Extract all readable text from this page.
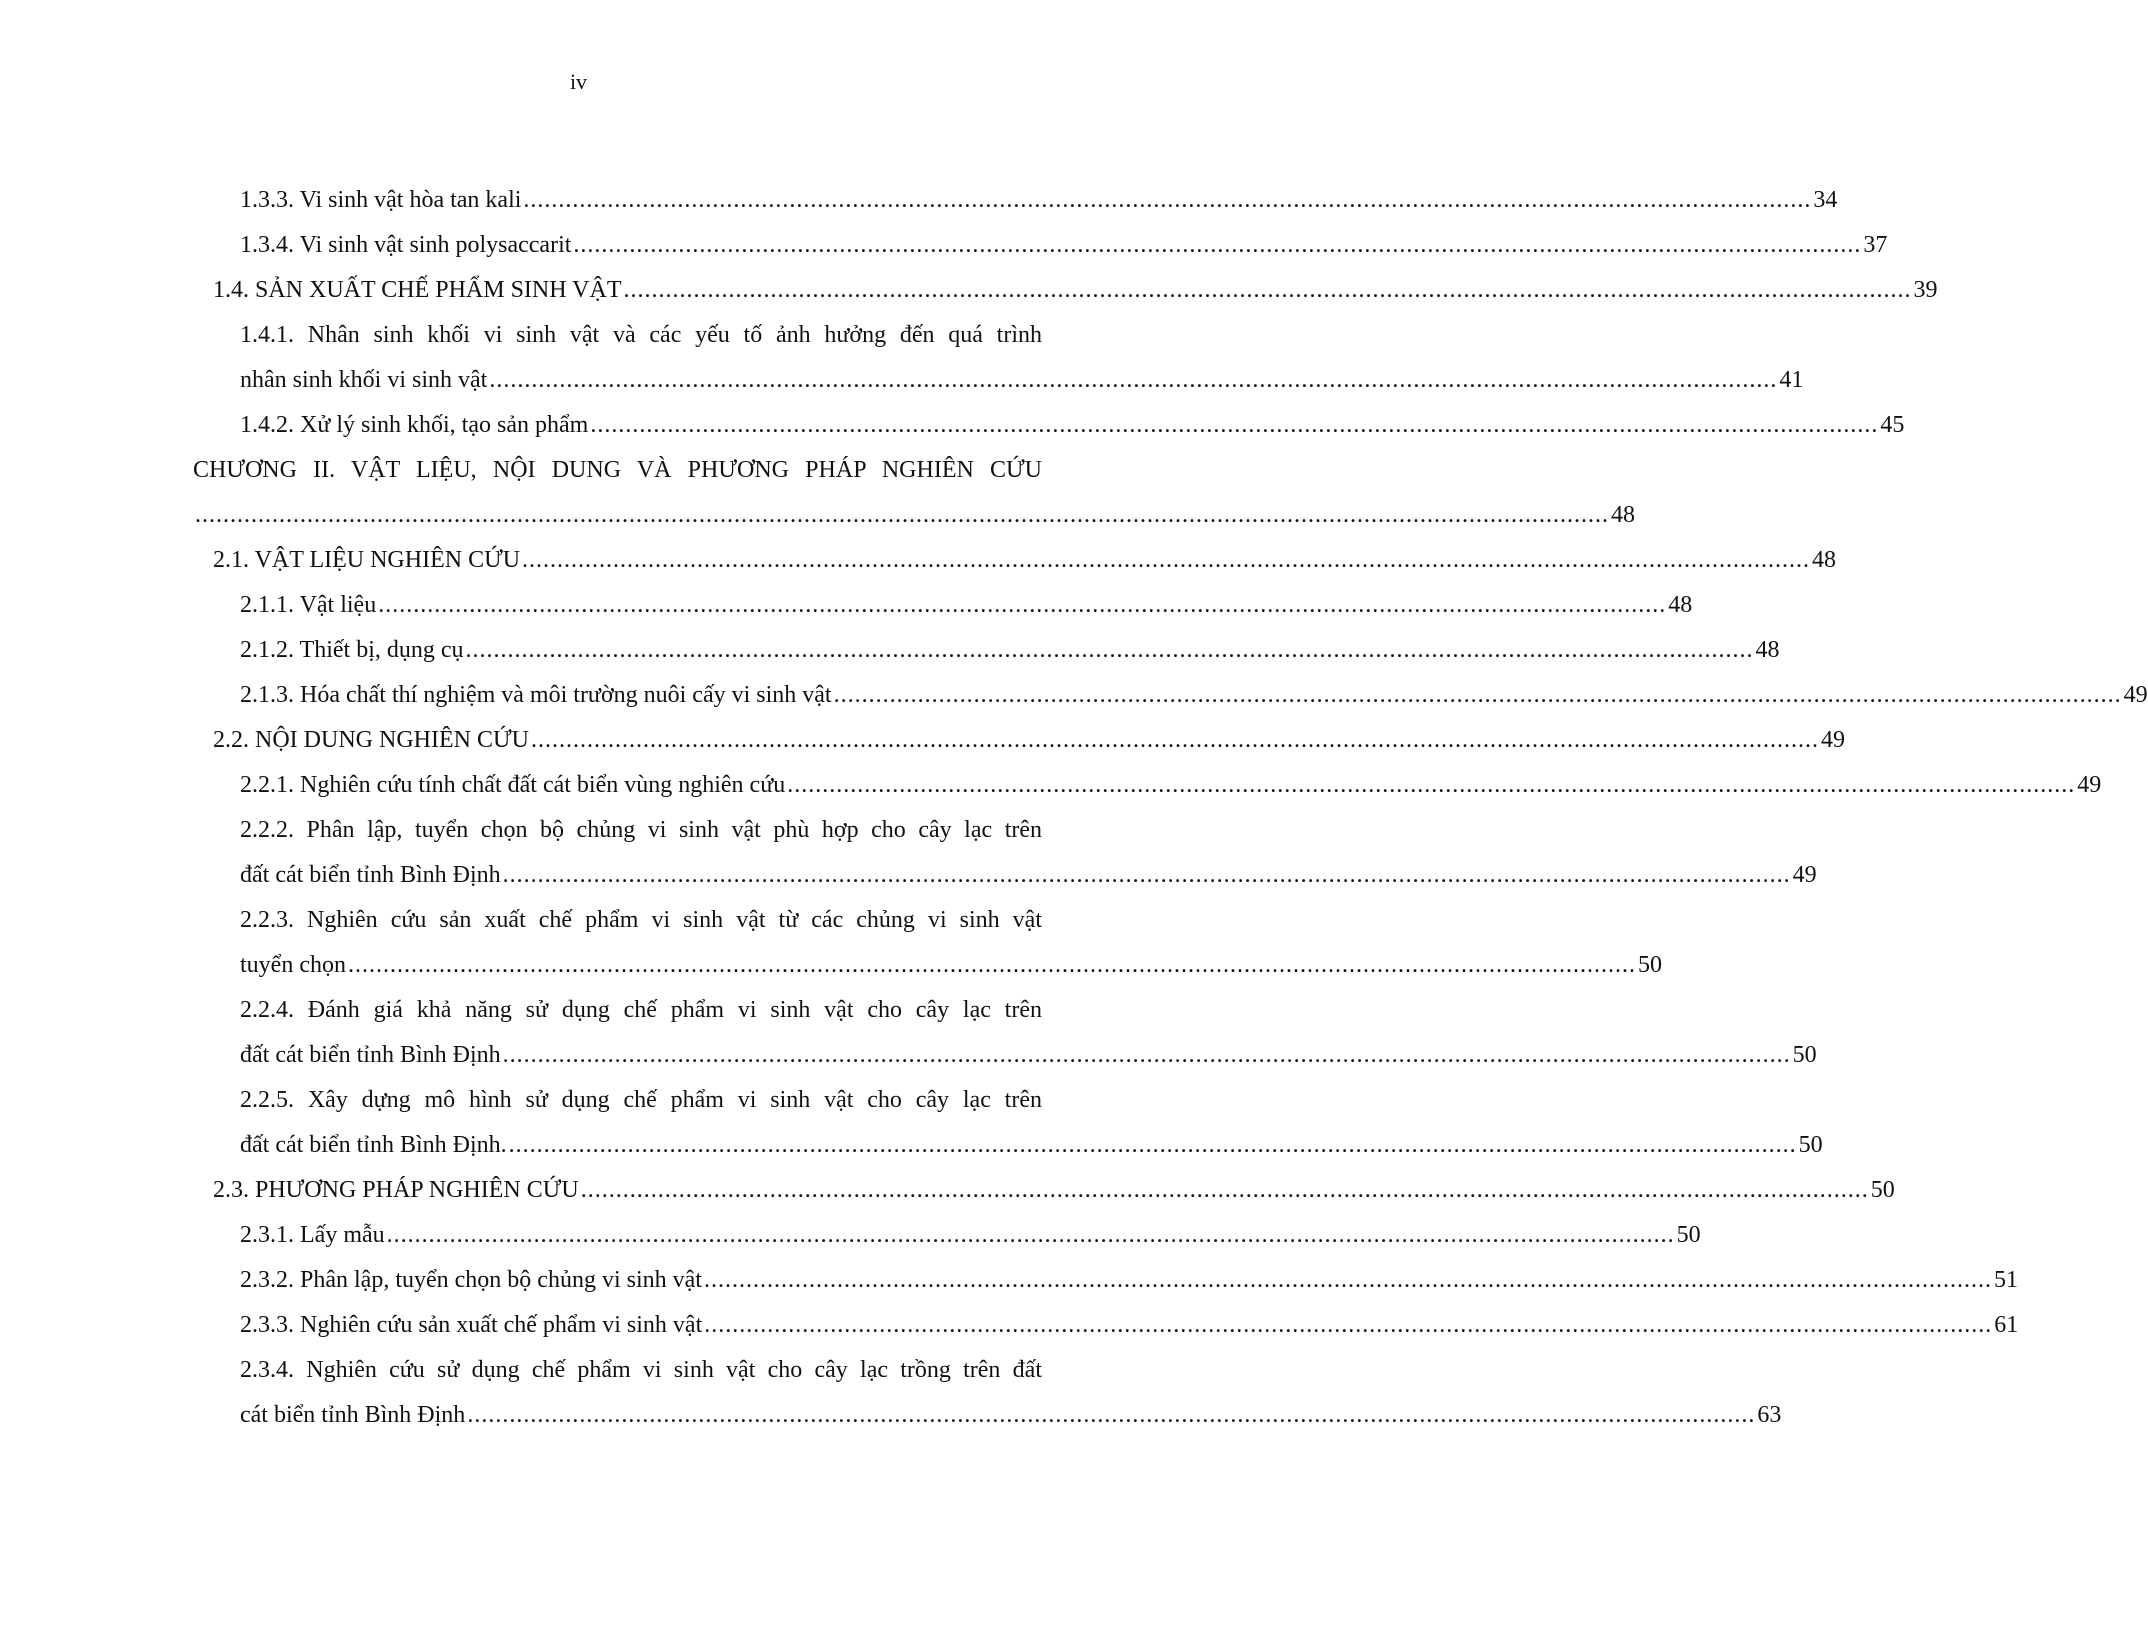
iv
1.3.3. Vi sinh vật hòa tan kali ........................................................................................................................................................................................ 34
1.3.4. Vi sinh vật sinh polysaccarit ........................................................................................................................................................................................ 37
1.4. SẢN XUẤT CHẾ PHẨM SINH VẬT ........................................................................................................................................................................................ 39
1.4.1. Nhân sinh khối vi sinh vật và các yếu tố ảnh hưởng đến quá trình
nhân sinh khối vi sinh vật ........................................................................................................................................................................................ 41
1.4.2. Xử lý sinh khối, tạo sản phẩm ........................................................................................................................................................................................ 45
CHƯƠNG II. VẬT LIỆU, NỘI DUNG VÀ PHƯƠNG PHÁP NGHIÊN CỨU
.......................................................................................................................................................................................................... 48
2.1. VẬT LIỆU NGHIÊN CỨU ........................................................................................................................................................................................ 48
2.1.1. Vật liệu ........................................................................................................................................................................................ 48
2.1.2. Thiết bị, dụng cụ ........................................................................................................................................................................................ 48
2.1.3. Hóa chất thí nghiệm và môi trường nuôi cấy vi sinh vật ........................................................................................................................................................................................ 49
2.2. NỘI DUNG NGHIÊN CỨU ........................................................................................................................................................................................ 49
2.2.1. Nghiên cứu tính chất đất cát biển vùng nghiên cứu ........................................................................................................................................................................................ 49
2.2.2. Phân lập, tuyển chọn bộ chủng vi sinh vật phù hợp cho cây lạc trên
đất cát biển tỉnh Bình Định ........................................................................................................................................................................................ 49
2.2.3. Nghiên cứu sản xuất chế phẩm vi sinh vật từ các chủng vi sinh vật
tuyển chọn ........................................................................................................................................................................................ 50
2.2.4. Đánh giá khả năng sử dụng chế phẩm vi sinh vật cho cây lạc trên
đất cát biển tỉnh Bình Định ........................................................................................................................................................................................ 50
2.2.5. Xây dựng mô hình sử dụng chế phẩm vi sinh vật cho cây lạc trên
đất cát biển tỉnh Bình Định. ........................................................................................................................................................................................ 50
2.3. PHƯƠNG PHÁP NGHIÊN CỨU ........................................................................................................................................................................................ 50
2.3.1. Lấy mẫu ........................................................................................................................................................................................ 50
2.3.2. Phân lập, tuyển chọn bộ chủng vi sinh vật ........................................................................................................................................................................................ 51
2.3.3. Nghiên cứu sản xuất chế phẩm vi sinh vật ........................................................................................................................................................................................ 61
2.3.4. Nghiên cứu sử dụng chế phẩm vi sinh vật cho cây lạc trồng trên đất
cát biển tỉnh Bình Định ........................................................................................................................................................................................ 63
